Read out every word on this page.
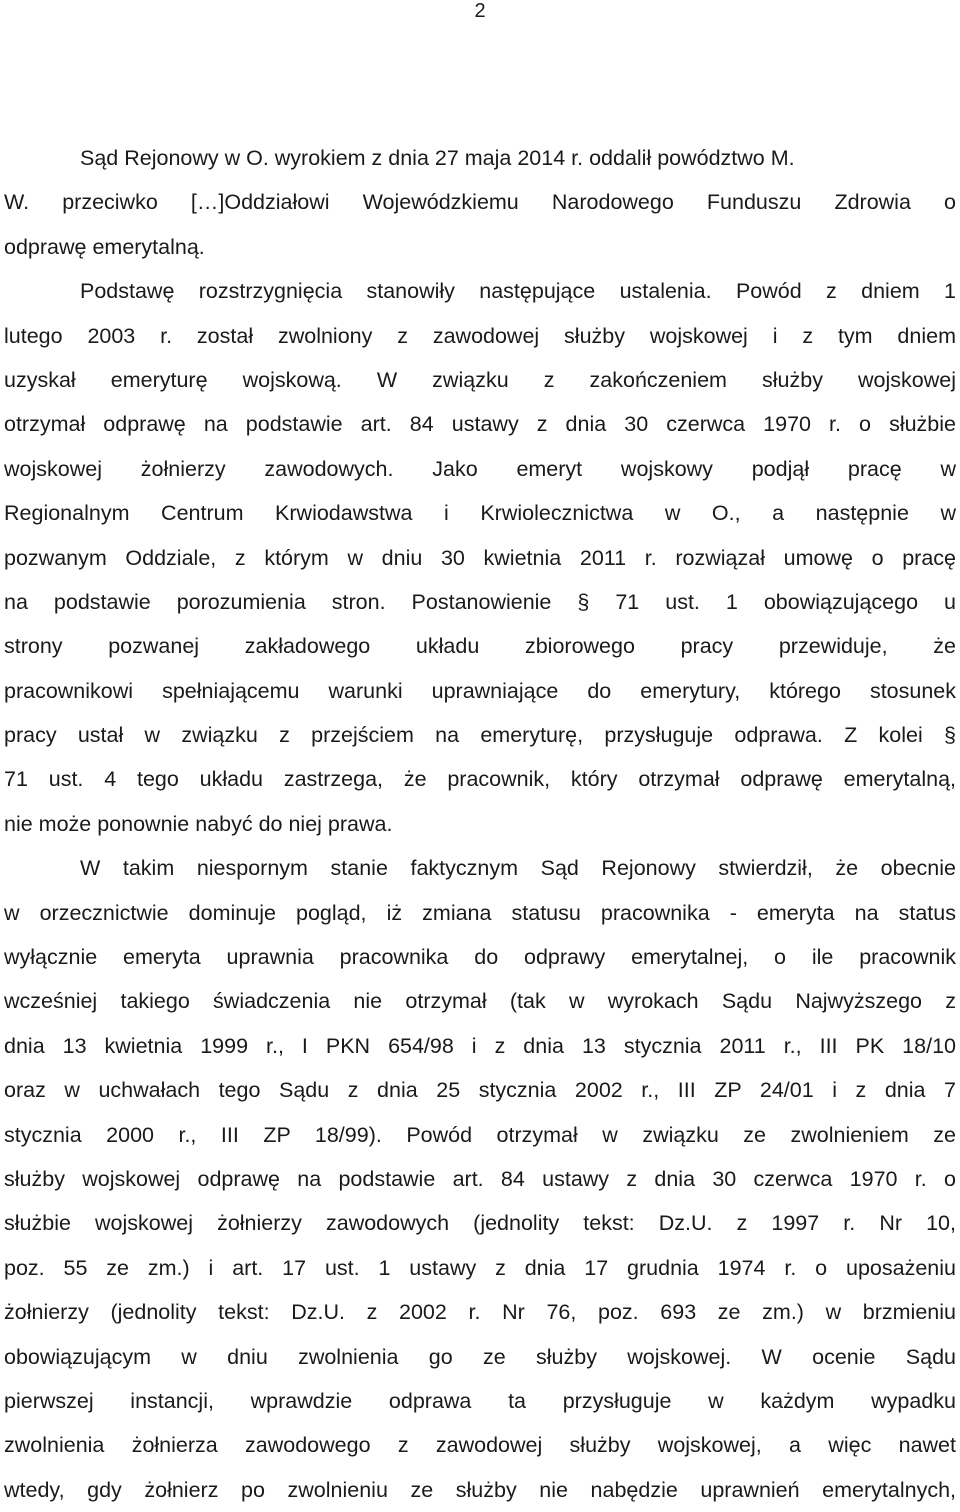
2
Sąd Rejonowy w O. wyrokiem z dnia 27 maja 2014 r. oddalił powództwo M.
W. przeciwko […]Oddziałowi Wojewódzkiemu Narodowego Funduszu Zdrowia o
odprawę emerytalną.
Podstawę rozstrzygnięcia stanowiły następujące ustalenia. Powód z dniem 1
lutego 2003 r. został zwolniony z zawodowej służby wojskowej i z tym dniem
uzyskał emeryturę wojskową. W związku z zakończeniem służby wojskowej
otrzymał odprawę na podstawie art. 84 ustawy z dnia 30 czerwca 1970 r. o służbie
wojskowej żołnierzy zawodowych. Jako emeryt wojskowy podjął pracę w
Regionalnym Centrum Krwiodawstwa i Krwiolecznictwa w O., a następnie w
pozwanym Oddziale, z którym w dniu 30 kwietnia 2011 r. rozwiązał umowę o pracę
na podstawie porozumienia stron. Postanowienie § 71 ust. 1 obowiązującego u
strony pozwanej zakładowego układu zbiorowego pracy przewiduje, że
pracownikowi spełniającemu warunki uprawniające do emerytury, którego stosunek
pracy ustał w związku z przejściem na emeryturę, przysługuje odprawa. Z kolei §
71 ust. 4 tego układu zastrzega, że pracownik, który otrzymał odprawę emerytalną,
nie może ponownie nabyć do niej prawa.
W takim niespornym stanie faktycznym Sąd Rejonowy stwierdził, że obecnie
w orzecznictwie dominuje pogląd, iż zmiana statusu pracownika - emeryta na status
wyłącznie emeryta uprawnia pracownika do odprawy emerytalnej, o ile pracownik
wcześniej takiego świadczenia nie otrzymał (tak w wyrokach Sądu Najwyższego z
dnia 13 kwietnia 1999 r., I PKN 654/98 i z dnia 13 stycznia 2011 r., III PK 18/10
oraz w uchwałach tego Sądu z dnia 25 stycznia 2002 r., III ZP 24/01 i z dnia 7
stycznia 2000 r., III ZP 18/99). Powód otrzymał w związku ze zwolnieniem ze
służby wojskowej odprawę na podstawie art. 84 ustawy z dnia 30 czerwca 1970 r. o
służbie wojskowej żołnierzy zawodowych (jednolity tekst: Dz.U. z 1997 r. Nr 10,
poz. 55 ze zm.) i art. 17 ust. 1 ustawy z dnia 17 grudnia 1974 r. o uposażeniu
żołnierzy (jednolity tekst: Dz.U. z 2002 r. Nr 76, poz. 693 ze zm.) w brzmieniu
obowiązującym w dniu zwolnienia go ze służby wojskowej. W ocenie Sądu
pierwszej instancji, wprawdzie odprawa ta przysługuje w każdym wypadku
zwolnienia żołnierza zawodowego z zawodowej służby wojskowej, a więc nawet
wtedy, gdy żołnierz po zwolnieniu ze służby nie nabędzie uprawnień emerytalnych,
